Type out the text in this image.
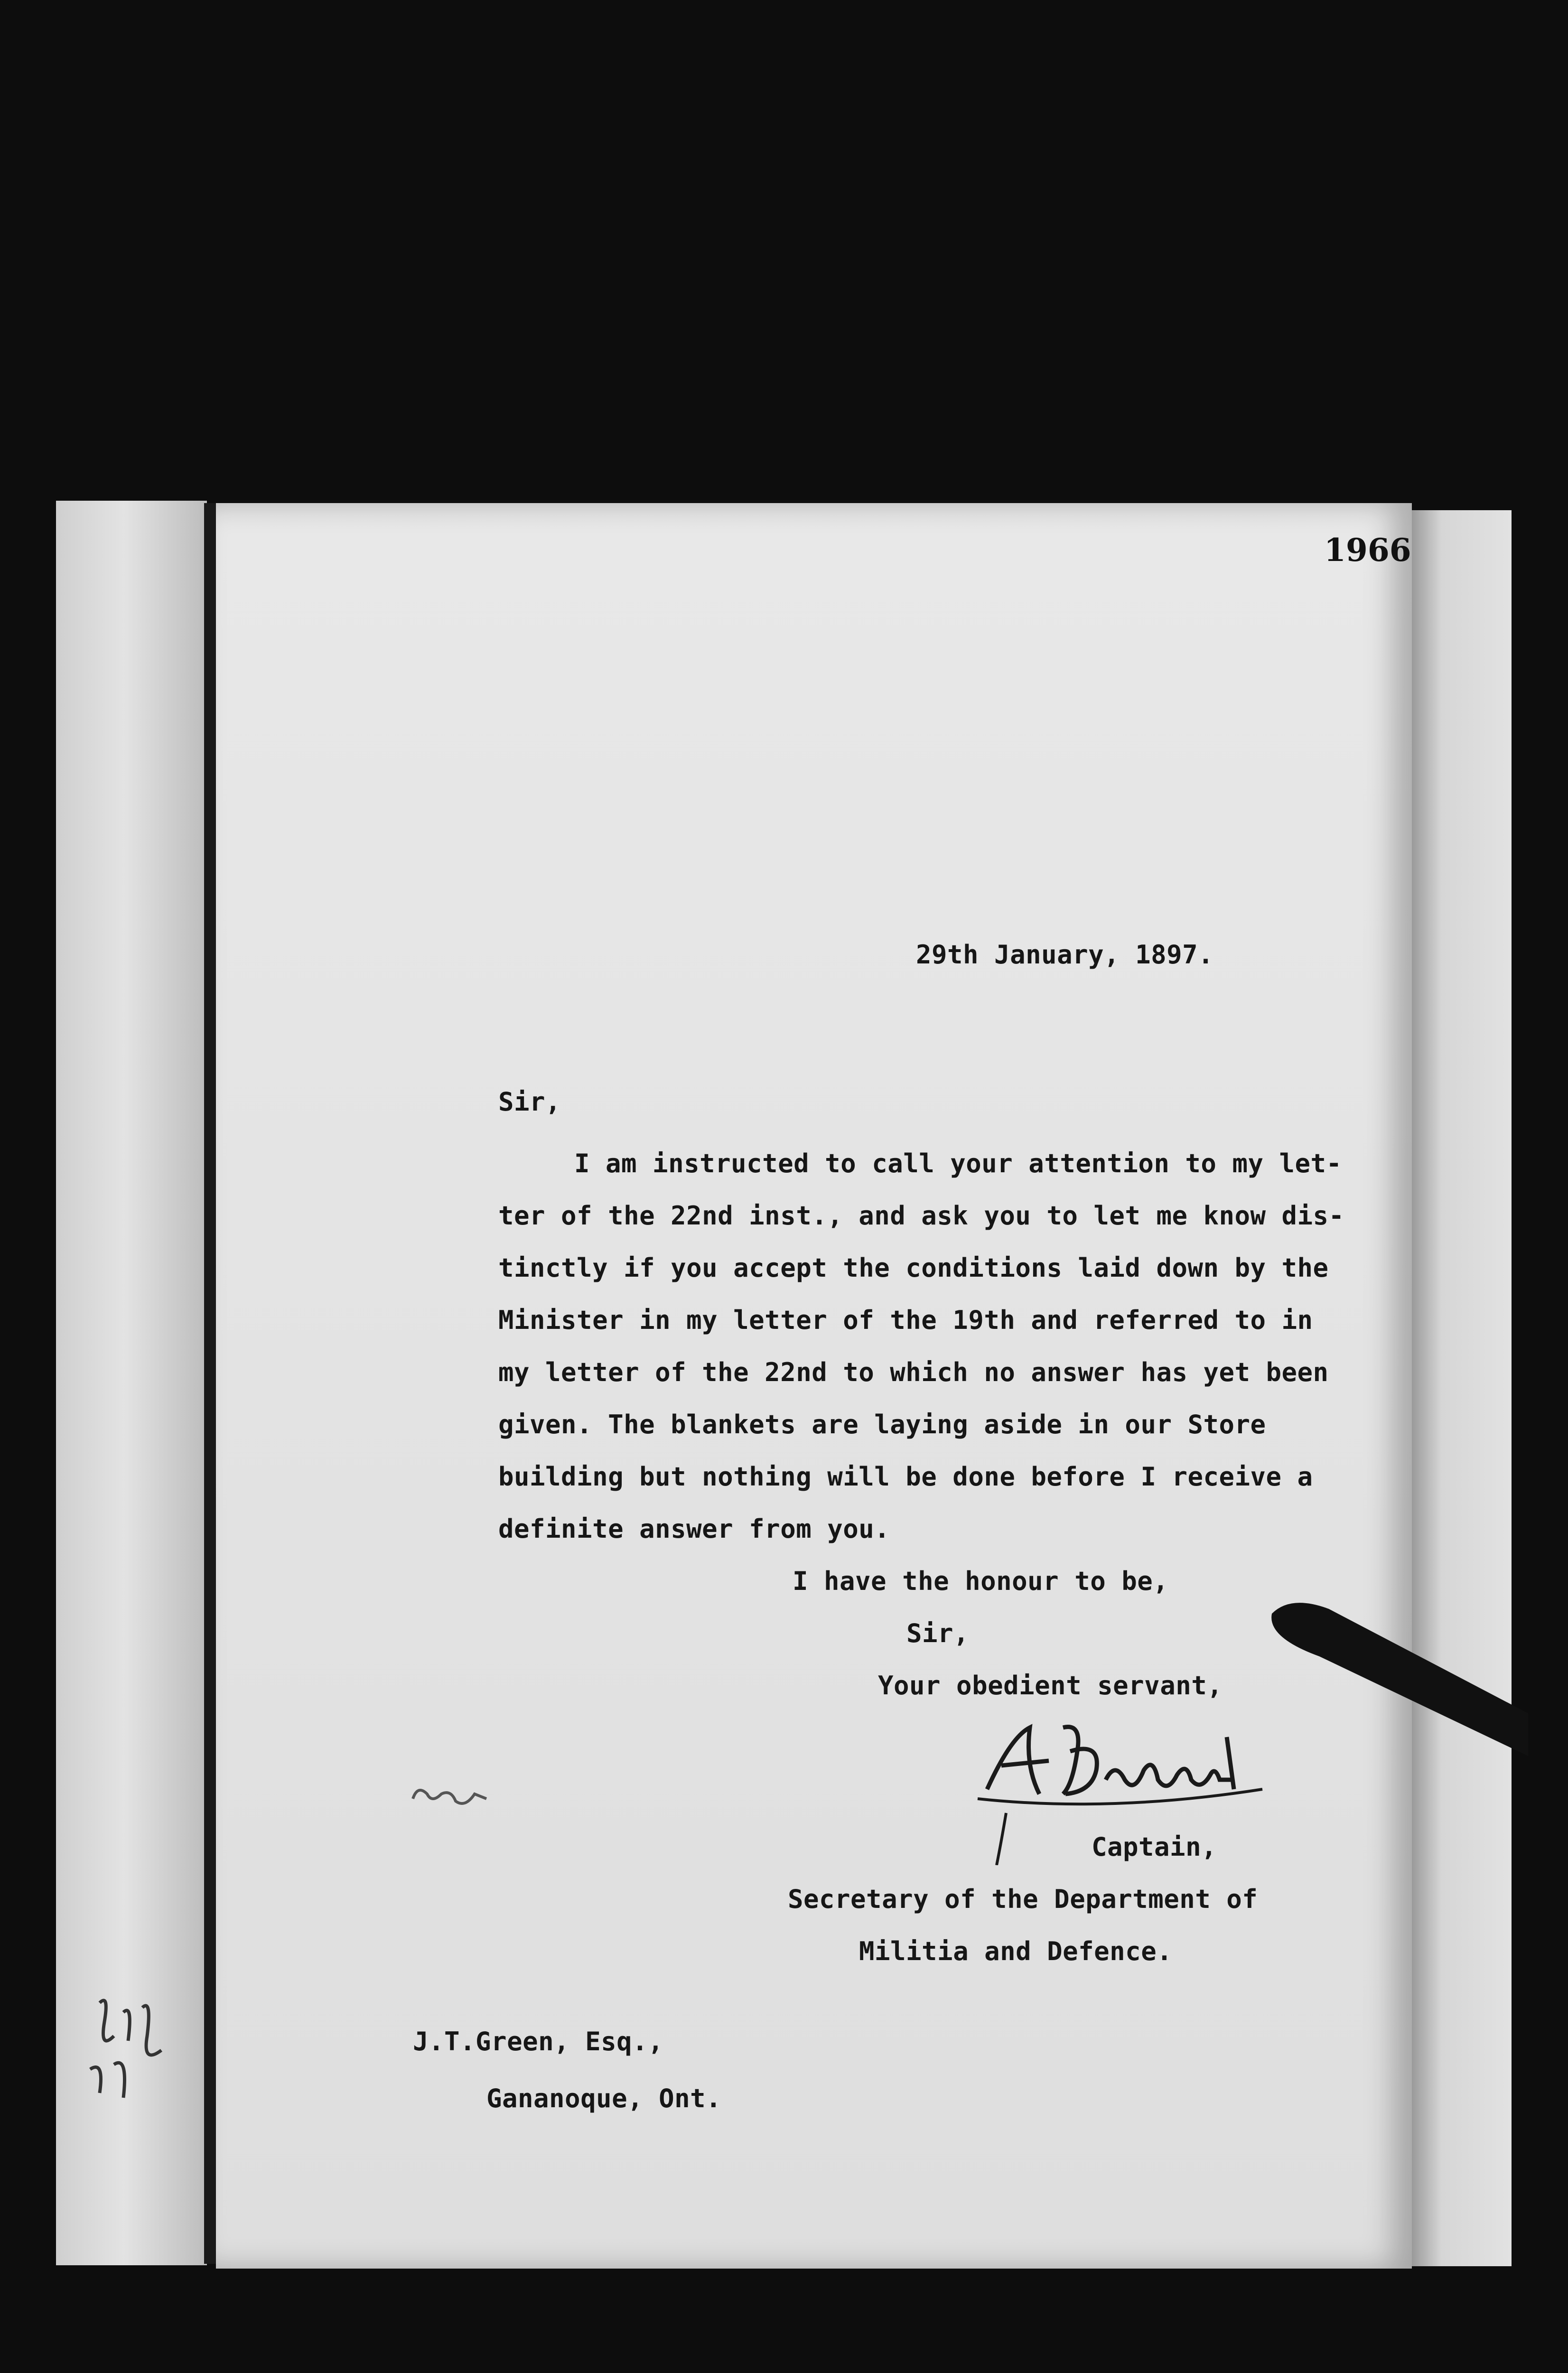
1966
29th January, 1897.
Sir,
I am instructed to call your attention to my let-
ter of the 22nd inst., and ask you to let me know dis-
tinctly if you accept the conditions laid down by the
Minister in my letter of the 19th and referred to in
my letter of the 22nd to which no answer has yet been
given. The blankets are laying aside in our Store
building but nothing will be done before I receive a
definite answer from you.
I have the honour to be,
Sir,
Your obedient servant,
Captain,
Secretary of the Department of
Militia and Defence.
J.T.Green, Esq.,
Gananoque, Ont.
